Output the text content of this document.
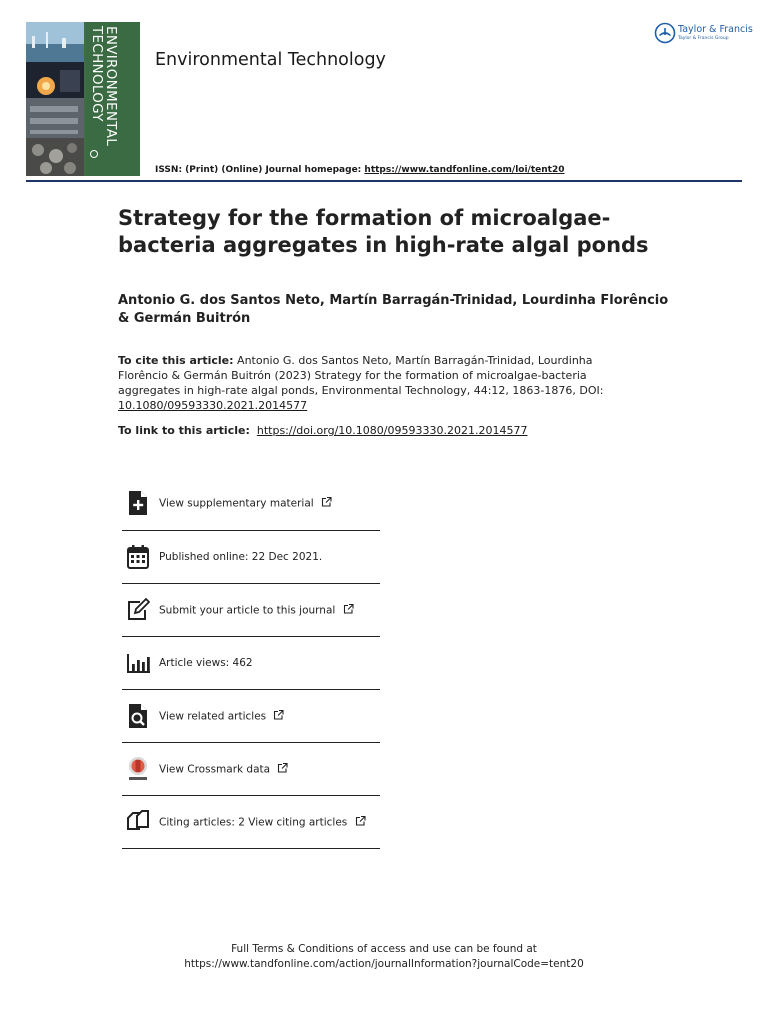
ENVIRONMENTAL
TECHNOLOGY	Environmental Technology
ISSN: (Print) (Online) Journal homepage: https://www.tandfonline.com/loi/tent20
Taylor & Francis
Taylor & Francis Group
Strategy for the formation of microalgae-bacteria aggregates in high-rate algal ponds
Antonio G. dos Santos Neto, Martín Barragán-Trinidad, Lourdinha Florêncio & Germán Buitrón
To cite this article: Antonio G. dos Santos Neto, Martín Barragán-Trinidad, Lourdinha Florêncio & Germán Buitrón (2023) Strategy for the formation of microalgae-bacteria aggregates in high-rate algal ponds, Environmental Technology, 44:12, 1863-1876, DOI: 10.1080/09593330.2021.2014577
To link to this article: https://doi.org/10.1080/09593330.2021.2014577
View supplementary material
Published online: 22 Dec 2021.
Submit your article to this journal
Article views: 462
View related articles
View Crossmark data
Citing articles: 2 View citing articles
Full Terms & Conditions of access and use can be found at
https://www.tandfonline.com/action/journalInformation?journalCode=tent20
